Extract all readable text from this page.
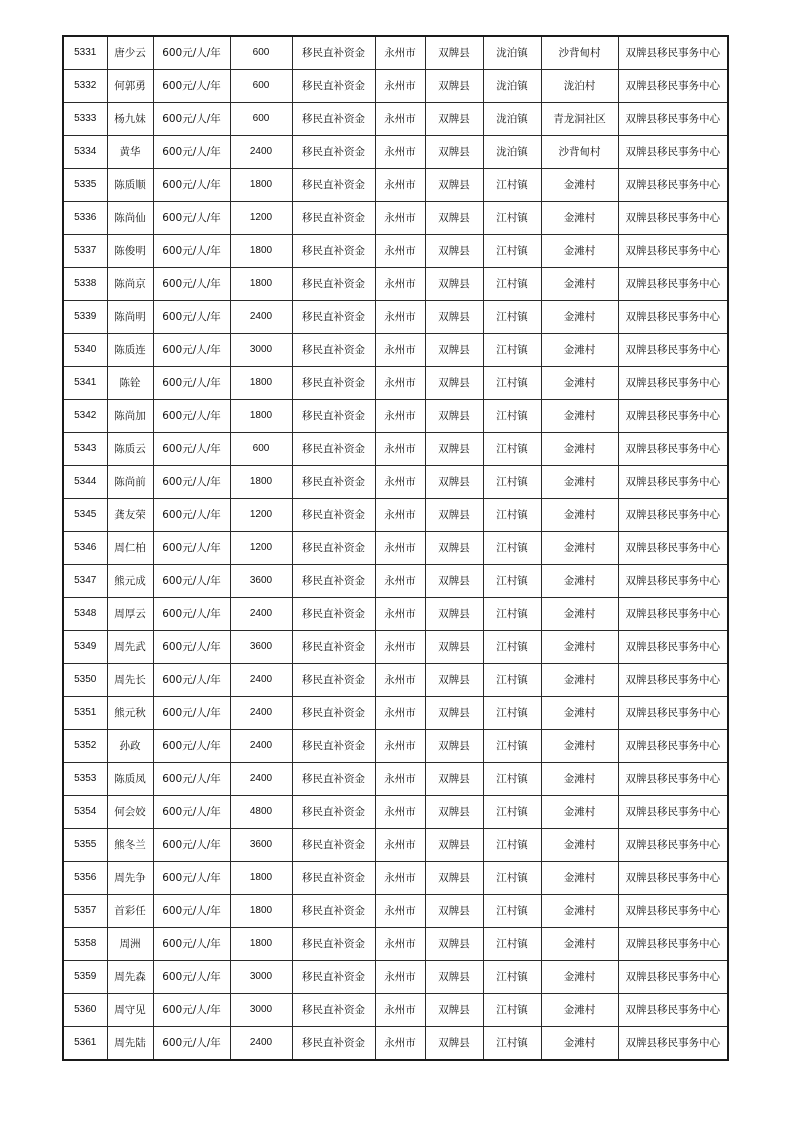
5331	唐少云	600元/人/年	600	移民直补资金	永州市	双牌县	泷泊镇	沙背甸村	双牌县移民事务中心
5332	何郭勇	600元/人/年	600	移民直补资金	永州市	双牌县	泷泊镇	泷泊村	双牌县移民事务中心
5333	杨九妹	600元/人/年	600	移民直补资金	永州市	双牌县	泷泊镇	青龙洞社区	双牌县移民事务中心
5334	黄华	600元/人/年	2400	移民直补资金	永州市	双牌县	泷泊镇	沙背甸村	双牌县移民事务中心
5335	陈质顺	600元/人/年	1800	移民直补资金	永州市	双牌县	江村镇	金滩村	双牌县移民事务中心
5336	陈尚仙	600元/人/年	1200	移民直补资金	永州市	双牌县	江村镇	金滩村	双牌县移民事务中心
5337	陈俊明	600元/人/年	1800	移民直补资金	永州市	双牌县	江村镇	金滩村	双牌县移民事务中心
5338	陈尚京	600元/人/年	1800	移民直补资金	永州市	双牌县	江村镇	金滩村	双牌县移民事务中心
5339	陈尚明	600元/人/年	2400	移民直补资金	永州市	双牌县	江村镇	金滩村	双牌县移民事务中心
5340	陈质连	600元/人/年	3000	移民直补资金	永州市	双牌县	江村镇	金滩村	双牌县移民事务中心
5341	陈铨	600元/人/年	1800	移民直补资金	永州市	双牌县	江村镇	金滩村	双牌县移民事务中心
5342	陈尚加	600元/人/年	1800	移民直补资金	永州市	双牌县	江村镇	金滩村	双牌县移民事务中心
5343	陈质云	600元/人/年	600	移民直补资金	永州市	双牌县	江村镇	金滩村	双牌县移民事务中心
5344	陈尚前	600元/人/年	1800	移民直补资金	永州市	双牌县	江村镇	金滩村	双牌县移民事务中心
5345	龚友荣	600元/人/年	1200	移民直补资金	永州市	双牌县	江村镇	金滩村	双牌县移民事务中心
5346	周仁柏	600元/人/年	1200	移民直补资金	永州市	双牌县	江村镇	金滩村	双牌县移民事务中心
5347	熊元成	600元/人/年	3600	移民直补资金	永州市	双牌县	江村镇	金滩村	双牌县移民事务中心
5348	周厚云	600元/人/年	2400	移民直补资金	永州市	双牌县	江村镇	金滩村	双牌县移民事务中心
5349	周先武	600元/人/年	3600	移民直补资金	永州市	双牌县	江村镇	金滩村	双牌县移民事务中心
5350	周先长	600元/人/年	2400	移民直补资金	永州市	双牌县	江村镇	金滩村	双牌县移民事务中心
5351	熊元秋	600元/人/年	2400	移民直补资金	永州市	双牌县	江村镇	金滩村	双牌县移民事务中心
5352	孙政	600元/人/年	2400	移民直补资金	永州市	双牌县	江村镇	金滩村	双牌县移民事务中心
5353	陈质凤	600元/人/年	2400	移民直补资金	永州市	双牌县	江村镇	金滩村	双牌县移民事务中心
5354	何会姣	600元/人/年	4800	移民直补资金	永州市	双牌县	江村镇	金滩村	双牌县移民事务中心
5355	熊冬兰	600元/人/年	3600	移民直补资金	永州市	双牌县	江村镇	金滩村	双牌县移民事务中心
5356	周先争	600元/人/年	1800	移民直补资金	永州市	双牌县	江村镇	金滩村	双牌县移民事务中心
5357	首彩任	600元/人/年	1800	移民直补资金	永州市	双牌县	江村镇	金滩村	双牌县移民事务中心
5358	周洲	600元/人/年	1800	移民直补资金	永州市	双牌县	江村镇	金滩村	双牌县移民事务中心
5359	周先森	600元/人/年	3000	移民直补资金	永州市	双牌县	江村镇	金滩村	双牌县移民事务中心
5360	周守见	600元/人/年	3000	移民直补资金	永州市	双牌县	江村镇	金滩村	双牌县移民事务中心
5361	周先陆	600元/人/年	2400	移民直补资金	永州市	双牌县	江村镇	金滩村	双牌县移民事务中心
